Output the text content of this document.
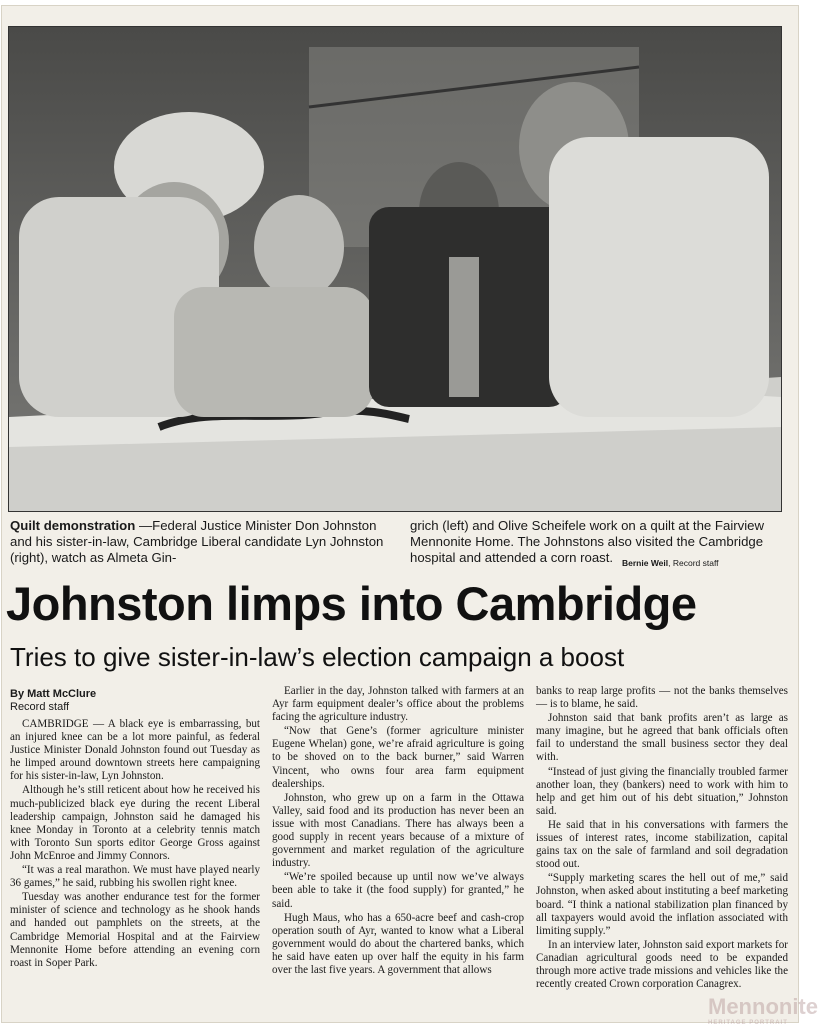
Quilt demonstration —Federal Justice Minister Don Johnston and his sister-in-law, Cambridge Liberal candidate Lyn Johnston (right), watch as Almeta Gin-
grich (left) and Olive Scheifele work on a quilt at the Fairview Mennonite Home. The Johnstons also visited the Cambridge hospital and attended a corn roast.	Bernie Weil, Record staff
Johnston limps into Cambridge
Tries to give sister-in-law’s election campaign a boost
By Matt McClure
Record staff

CAMBRIDGE — A black eye is embarrassing, but an injured knee can be a lot more painful, as federal Justice Minister Donald Johnston found out Tuesday as he limped around downtown streets here campaigning for his sister-in-law, Lyn Johnston.

Although he’s still reticent about how he received his much-publicized black eye during the recent Liberal leadership campaign, Johnston said he damaged his knee Monday in Toronto at a celebrity tennis match with Toronto Sun sports editor George Gross against John McEnroe and Jimmy Connors.

“It was a real marathon. We must have played nearly 36 games,” he said, rubbing his swollen right knee.

Tuesday was another endurance test for the former minister of science and technology as he shook hands and handed out pamphlets on the streets, at the Cambridge Memorial Hospital and at the Fairview Mennonite Home before attending an evening corn roast in Soper Park.

Earlier in the day, Johnston talked with farmers at an Ayr farm equipment dealer’s office about the problems facing the agriculture industry.

“Now that Gene’s (former agriculture minister Eugene Whelan) gone, we’re afraid agriculture is going to be shoved on to the back burner,” said Warren Vincent, who owns four area farm equipment dealerships.

Johnston, who grew up on a farm in the Ottawa Valley, said food and its production has never been an issue with most Canadians. There has always been a good supply in recent years because of a mixture of government and market regulation of the agriculture industry.

“We’re spoiled because up until now we’ve always been able to take it (the food supply) for granted,” he said.

Hugh Maus, who has a 650-acre beef and cash-crop operation south of Ayr, wanted to know what a Liberal government would do about the chartered banks, which he said have eaten up over half the equity in his farm over the last five years. A government that allows

banks to reap large profits — not the banks themselves — is to blame, he said.

Johnston said that bank profits aren’t as large as many imagine, but he agreed that bank officials often fail to understand the small business sector they deal with.

“Instead of just giving the financially troubled farmer another loan, they (bankers) need to work with him to help and get him out of his debt situation,” Johnston said.

He said that in his conversations with farmers the issues of interest rates, income stabilization, capital gains tax on the sale of farmland and soil degradation stood out.

“Supply marketing scares the hell out of me,” said Johnston, when asked about instituting a beef marketing board. “I think a national stabilization plan financed by all taxpayers would avoid the inflation associated with limiting supply.”

In an interview later, Johnston said export markets for Canadian agricultural goods need to be expanded through more active trade missions and vehicles like the recently created Crown corporation Canagrex.

Mennonite
HERITAGE PORTRAIT
